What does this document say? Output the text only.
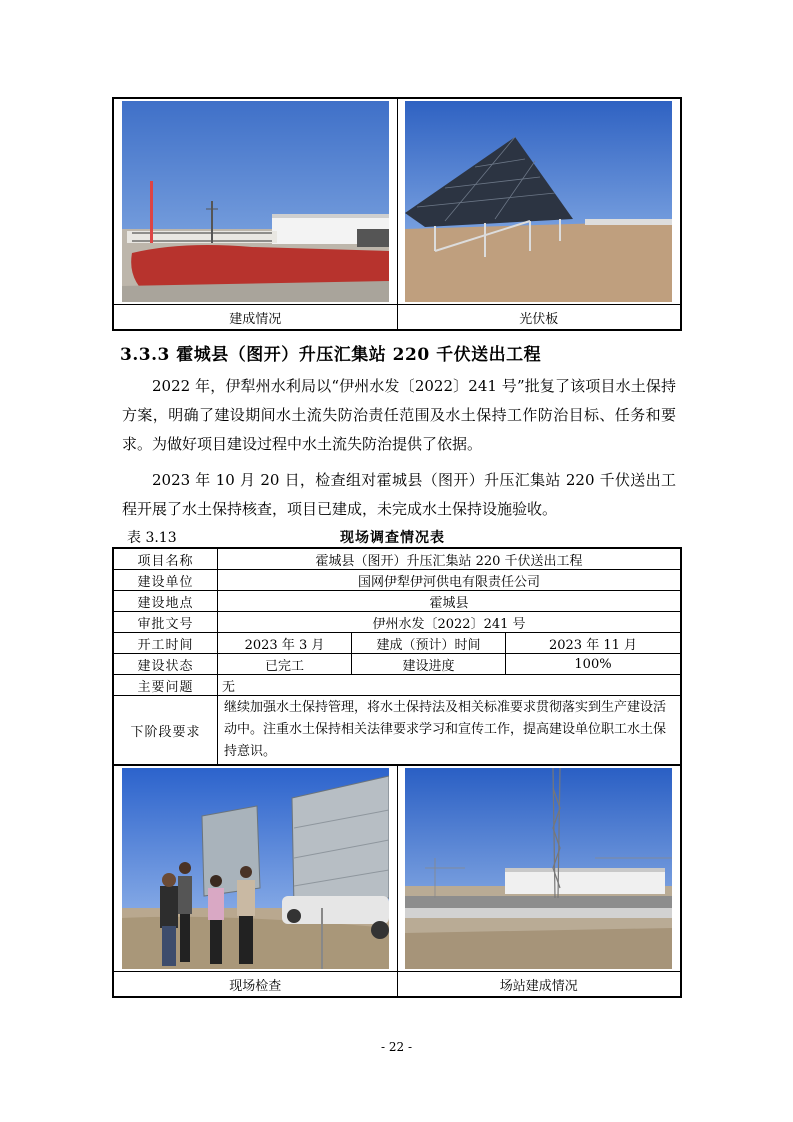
建成情况	光伏板
3.3.3 霍城县（图开）升压汇集站 220 千伏送出工程
2022 年，伊犁州水利局以“伊州水发〔2022〕241 号”批复了该项目水土保持方案，明确了建设期间水土流失防治责任范围及水土保持工作防治目标、任务和要求。为做好项目建设过程中水土流失防治提供了依据。
2023 年 10 月 20 日，检查组对霍城县（图开）升压汇集站 220 千伏送出工程开展了水土保持核查，项目已建成，未完成水土保持设施验收。
表 3.13	现场调查情况表
项目名称	霍城县（图开）升压汇集站 220 千伏送出工程		
建设单位	国网伊犁伊河供电有限责任公司		
建设地点	霍城县		
审批文号	伊州水发〔2022〕241 号		
开工时间	2023 年 3 月	建成（预计）时间	2023 年 11 月
建设状态	已完工	建设进度	100%
主要问题	无		
下阶段要求	继续加强水土保持管理，将水土保持法及相关标准要求贯彻落实到生产建设活动中。注重水土保持相关法律要求学习和宣传工作，提高建设单位职工水土保持意识。		
现场检查	场站建成情况
- 22 -
